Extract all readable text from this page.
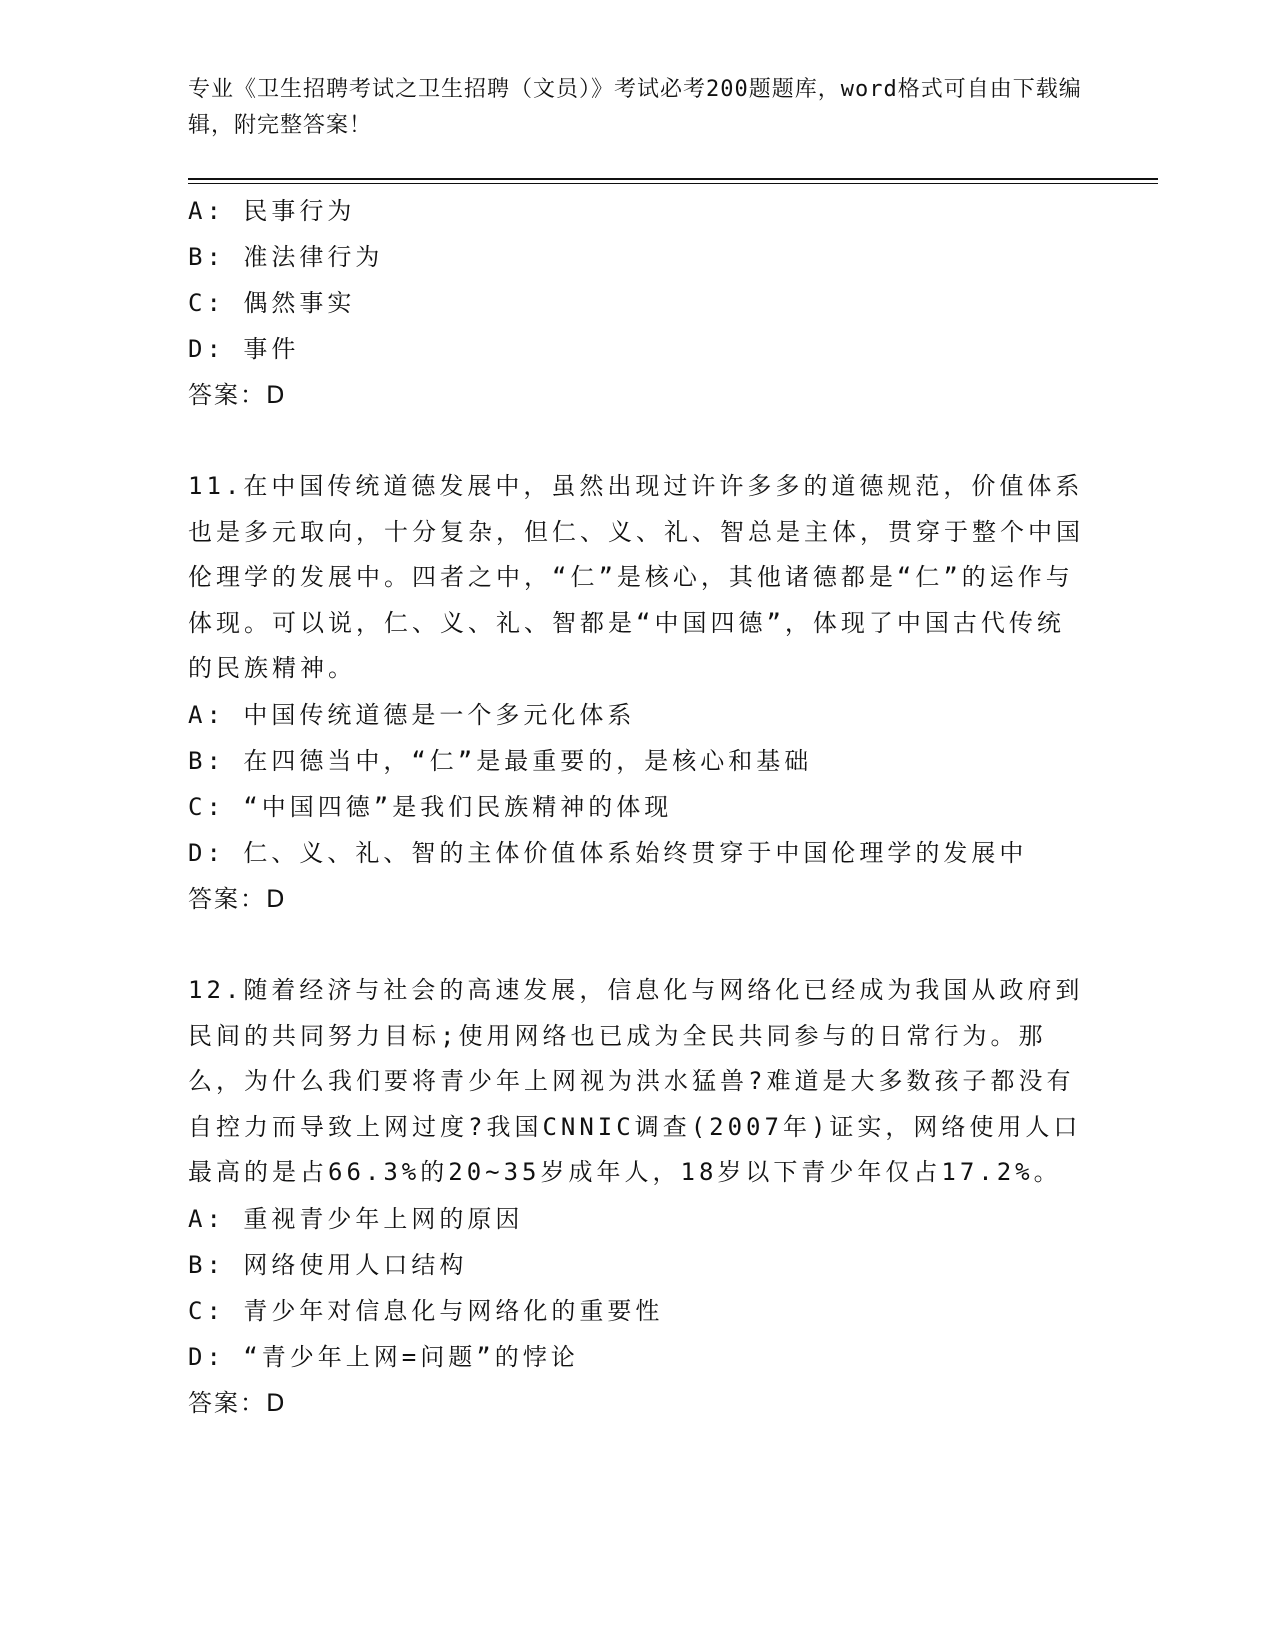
专业《卫生招聘考试之卫生招聘（文员）》考试必考200题题库，word格式可自由下载编辑，附完整答案！
A: 民事行为
B: 准法律行为
C: 偶然事实
D: 事件
答案：D
11.在中国传统道德发展中，虽然出现过许许多多的道德规范，价值体系也是多元取向，十分复杂，但仁、义、礼、智总是主体，贯穿于整个中国伦理学的发展中。四者之中，“仁”是核心，其他诸德都是“仁”的运作与体现。可以说，仁、义、礼、智都是“中国四德”，体现了中国古代传统的民族精神。
A: 中国传统道德是一个多元化体系
B: 在四德当中，“仁”是最重要的，是核心和基础
C: “中国四德”是我们民族精神的体现
D: 仁、义、礼、智的主体价值体系始终贯穿于中国伦理学的发展中
答案：D
12.随着经济与社会的高速发展，信息化与网络化已经成为我国从政府到民间的共同努力目标;使用网络也已成为全民共同参与的日常行为。那么，为什么我们要将青少年上网视为洪水猛兽?难道是大多数孩子都没有自控力而导致上网过度?我国CNNIC调查(2007年)证实，网络使用人口最高的是占66.3%的20~35岁成年人，18岁以下青少年仅占17.2%。
A: 重视青少年上网的原因
B: 网络使用人口结构
C: 青少年对信息化与网络化的重要性
D: “青少年上网=问题”的悖论
答案：D
